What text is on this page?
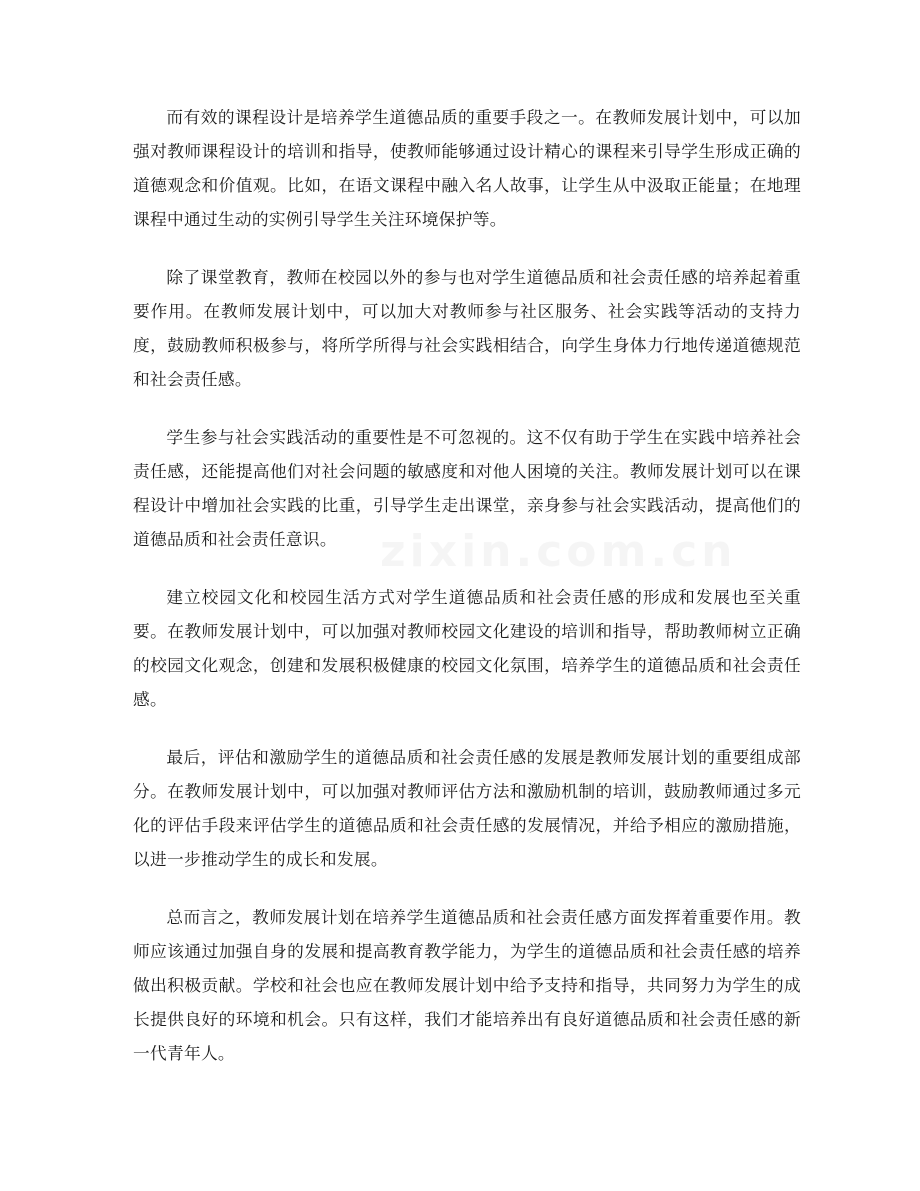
而有效的课程设计是培养学生道德品质的重要手段之一。在教师发展计划中，可以加强对教师课程设计的培训和指导，使教师能够通过设计精心的课程来引导学生形成正确的道德观念和价值观。比如，在语文课程中融入名人故事，让学生从中汲取正能量；在地理课程中通过生动的实例引导学生关注环境保护等。

除了课堂教育，教师在校园以外的参与也对学生道德品质和社会责任感的培养起着重要作用。在教师发展计划中，可以加大对教师参与社区服务、社会实践等活动的支持力度，鼓励教师积极参与，将所学所得与社会实践相结合，向学生身体力行地传递道德规范和社会责任感。

学生参与社会实践活动的重要性是不可忽视的。这不仅有助于学生在实践中培养社会责任感，还能提高他们对社会问题的敏感度和对他人困境的关注。教师发展计划可以在课程设计中增加社会实践的比重，引导学生走出课堂，亲身参与社会实践活动，提高他们的道德品质和社会责任意识。

建立校园文化和校园生活方式对学生道德品质和社会责任感的形成和发展也至关重要。在教师发展计划中，可以加强对教师校园文化建设的培训和指导，帮助教师树立正确的校园文化观念，创建和发展积极健康的校园文化氛围，培养学生的道德品质和社会责任感。

最后，评估和激励学生的道德品质和社会责任感的发展是教师发展计划的重要组成部分。在教师发展计划中，可以加强对教师评估方法和激励机制的培训，鼓励教师通过多元化的评估手段来评估学生的道德品质和社会责任感的发展情况，并给予相应的激励措施，以进一步推动学生的成长和发展。

总而言之，教师发展计划在培养学生道德品质和社会责任感方面发挥着重要作用。教师应该通过加强自身的发展和提高教育教学能力，为学生的道德品质和社会责任感的培养做出积极贡献。学校和社会也应在教师发展计划中给予支持和指导，共同努力为学生的成长提供良好的环境和机会。只有这样，我们才能培养出有良好道德品质和社会责任感的新一代青年人。
